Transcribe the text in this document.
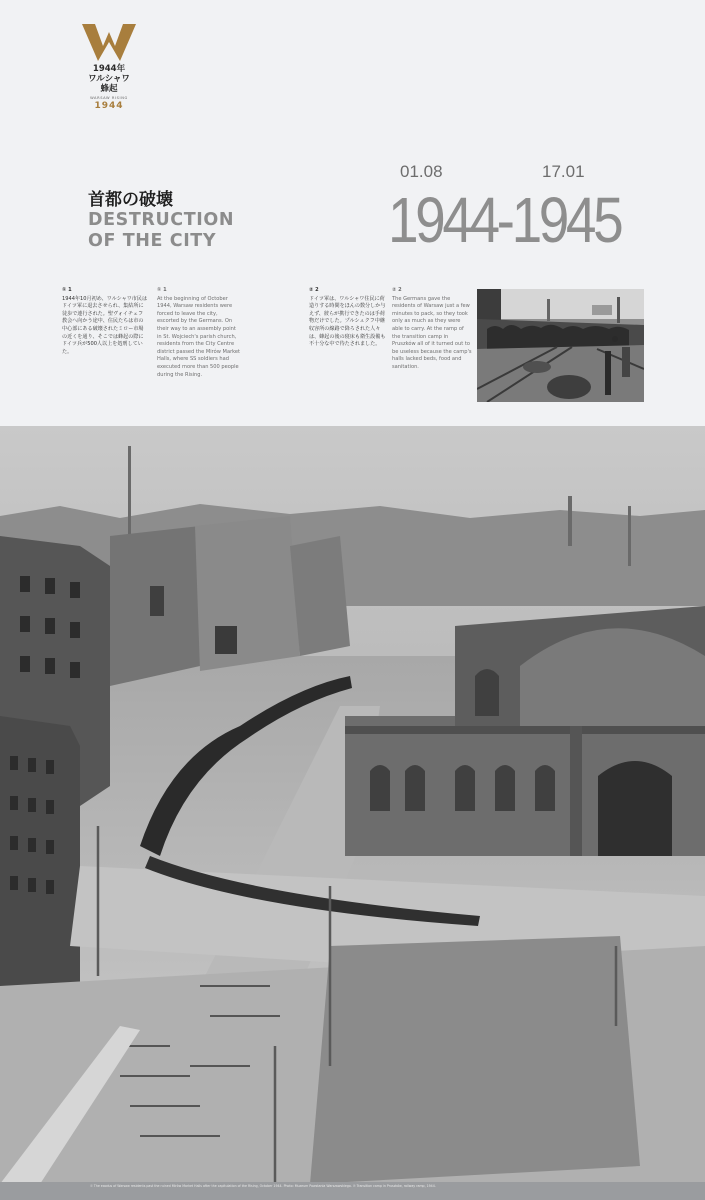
1944年
ワルシャワ
蜂起
WARSAW RISING
1944
首都の破壊
DESTRUCTION
OF THE CITY
01.08	17.01
1944-1945
① 1
1944年10月初め、ワルシャワ市民はドイツ軍に退去させられ、集結所に徒歩で連行された。聖ヴォイチェフ教会へ向かう途中、住民たちは市の中心部にある破壊されたミロー市場の近くを通り、そこでは蜂起の際にドイツ兵が500人以上を処刑していた。
① 1
At the beginning of October 1944, Warsaw residents were forced to leave the city, escorted by the Germans. On their way to an assembly point in St. Wojciech's parish church, residents from the City Centre district passed the Mirów Market Halls, where SS soldiers had executed more than 500 people during the Rising.
② 2
ドイツ軍は、ワルシャワ住民に荷造りする時間をほんの数分しか与えず、彼らが携行できたのは手荷物だけでした。プルシュクフ中継収容所の線路で降ろされた人々は、蜂起の後の寝床も衛生設備も不十分な中で待たされました。
② 2
The Germans gave the residents of Warsaw just a few minutes to pack, so they took only as much as they were able to carry. At the ramp of the transition camp in Pruszków all of it turned out to be useless because the camp's halls lacked beds, food and sanitation.
① The exodus of Warsaw residents past the ruined Mirów Market Halls after the capitulation of the Rising, October 1944. Photo: Muzeum Powstania Warszawskiego. ② Transition camp in Pruszków, railway ramp, 1944.
